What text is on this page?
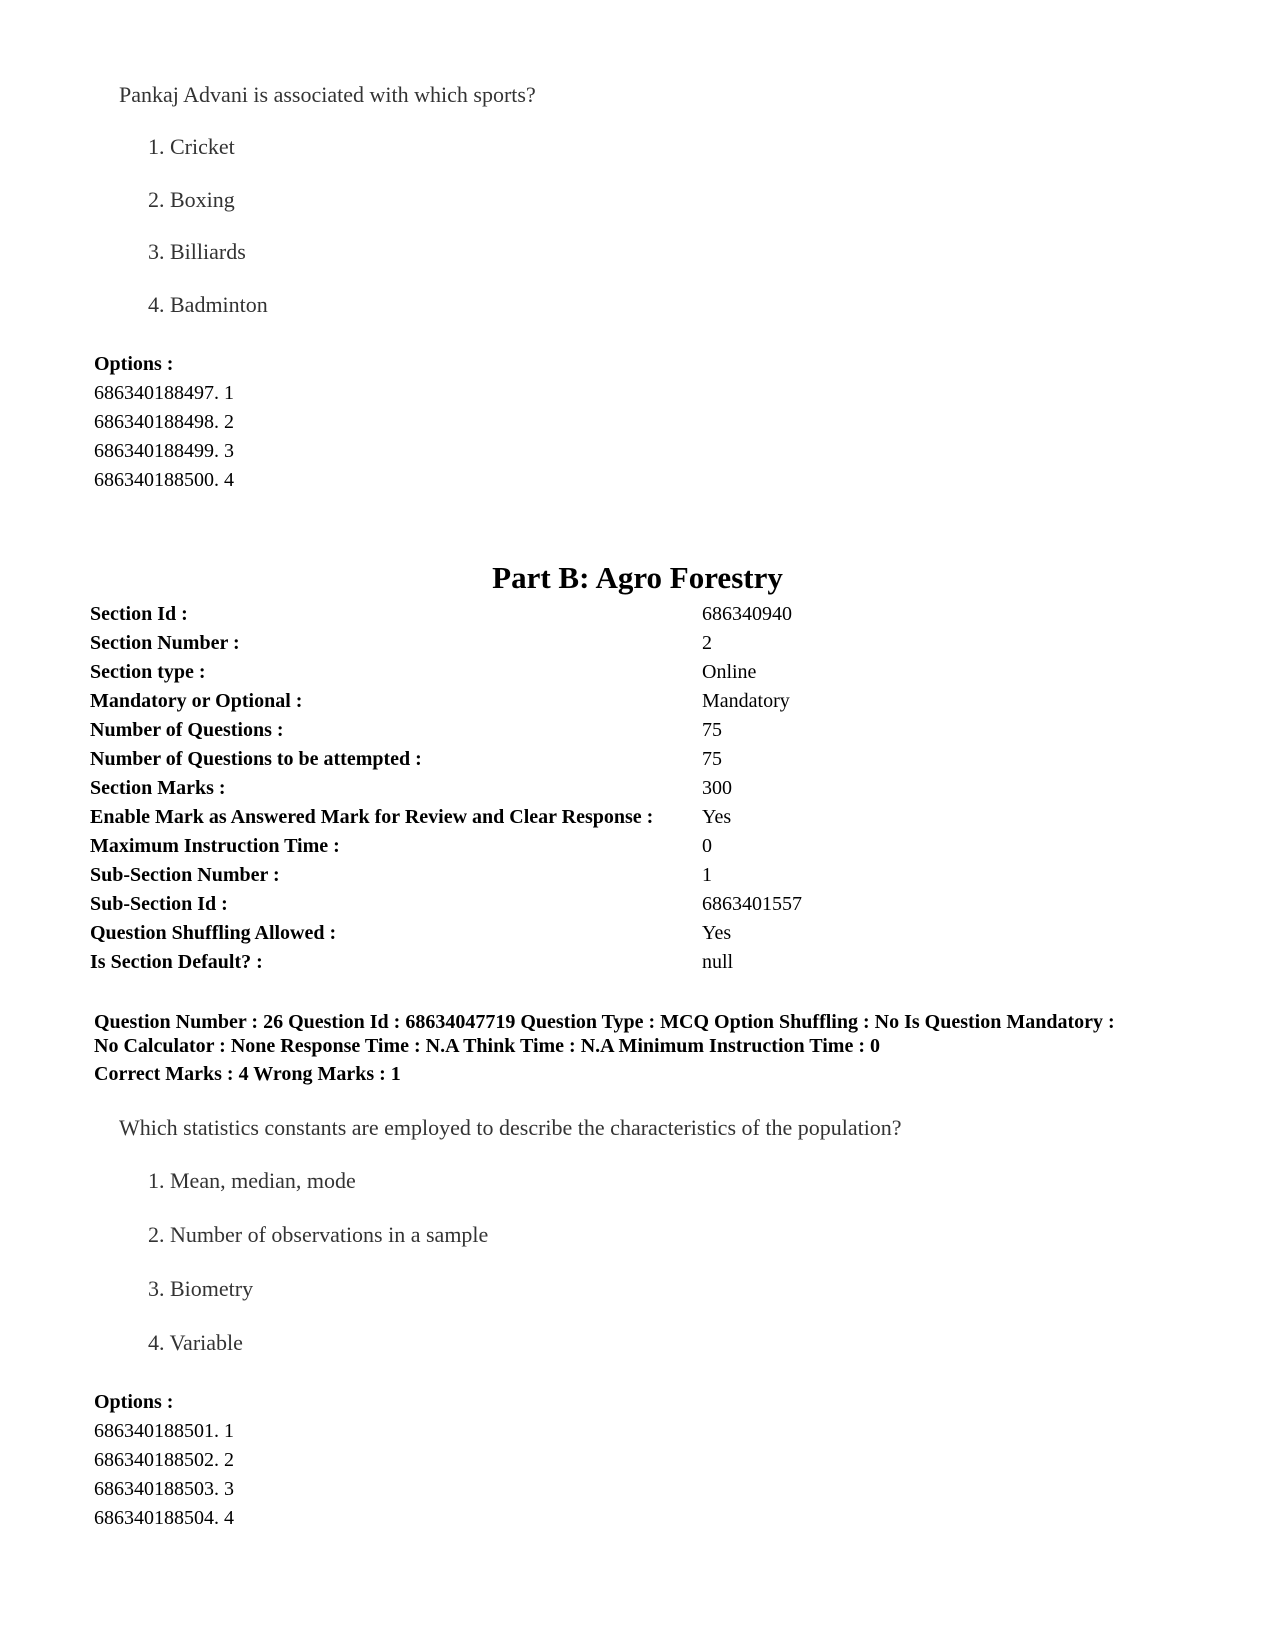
Pankaj Advani is associated with which sports?
1. Cricket
2. Boxing
3. Billiards
4. Badminton
Options :
686340188497. 1
686340188498. 2
686340188499. 3
686340188500. 4
Part B: Agro Forestry
Section Id :	686340940
Section Number :	2
Section type :	Online
Mandatory or Optional :	Mandatory
Number of Questions :	75
Number of Questions to be attempted :	75
Section Marks :	300
Enable Mark as Answered Mark for Review and Clear Response : Yes
Maximum Instruction Time :	0
Sub-Section Number :	1
Sub-Section Id :	6863401557
Question Shuffling Allowed :	Yes
Is Section Default? :	null
Question Number : 26 Question Id : 68634047719 Question Type : MCQ Option Shuffling : No Is Question Mandatory :
No Calculator : None Response Time : N.A Think Time : N.A Minimum Instruction Time : 0
Correct Marks : 4 Wrong Marks : 1
Which statistics constants are employed to describe the characteristics of the population?
1. Mean, median, mode
2. Number of observations in a sample
3. Biometry
4. Variable
Options :
686340188501. 1
686340188502. 2
686340188503. 3
686340188504. 4
